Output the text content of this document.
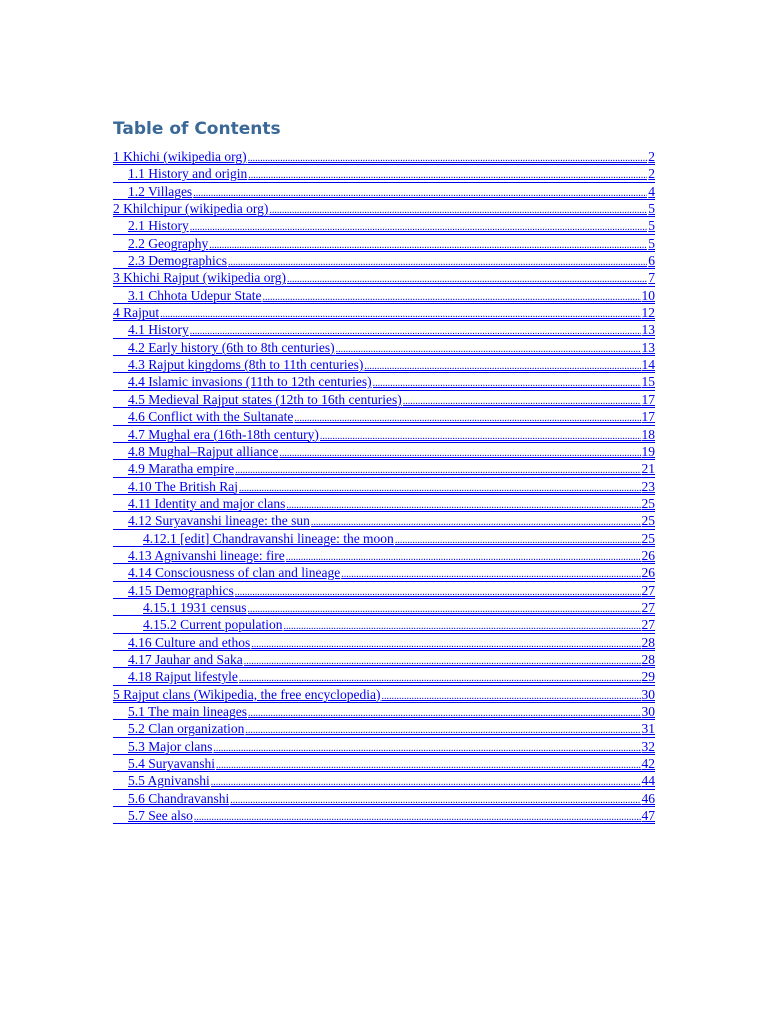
Table of Contents
1 Khichi (wikipedia org) .....	2
1.1 History and origin .....	2
1.2 Villages .....	4
2 Khilchipur (wikipedia org) .....	5
2.1 History .....	5
2.2 Geography .....	5
2.3 Demographics .....	6
3 Khichi Rajput (wikipedia org) .....	7
3.1 Chhota Udepur State .....	10
4 Rajput .....	12
4.1 History .....	13
4.2 Early history (6th to 8th centuries) .....	13
4.3 Rajput kingdoms (8th to 11th centuries) .....	14
4.4 Islamic invasions (11th to 12th centuries) .....	15
4.5 Medieval Rajput states (12th to 16th centuries) .....	17
4.6 Conflict with the Sultanate .....	17
4.7 Mughal era (16th-18th century) .....	18
4.8 Mughal–Rajput alliance .....	19
4.9 Maratha empire .....	21
4.10 The British Raj .....	23
4.11 Identity and major clans .....	25
4.12 Suryavanshi lineage: the sun .....	25
4.12.1 [edit] Chandravanshi lineage: the moon .....	25
4.13 Agnivanshi lineage: fire .....	26
4.14 Consciousness of clan and lineage .....	26
4.15 Demographics .....	27
4.15.1 1931 census .....	27
4.15.2 Current population .....	27
4.16 Culture and ethos .....	28
4.17 Jauhar and Saka .....	28
4.18 Rajput lifestyle .....	29
5 Rajput clans (Wikipedia, the free encyclopedia) .....	30
5.1 The main lineages .....	30
5.2 Clan organization .....	31
5.3 Major clans .....	32
5.4 Suryavanshi .....	42
5.5 Agnivanshi .....	44
5.6 Chandravanshi .....	46
5.7 See also .....	47
